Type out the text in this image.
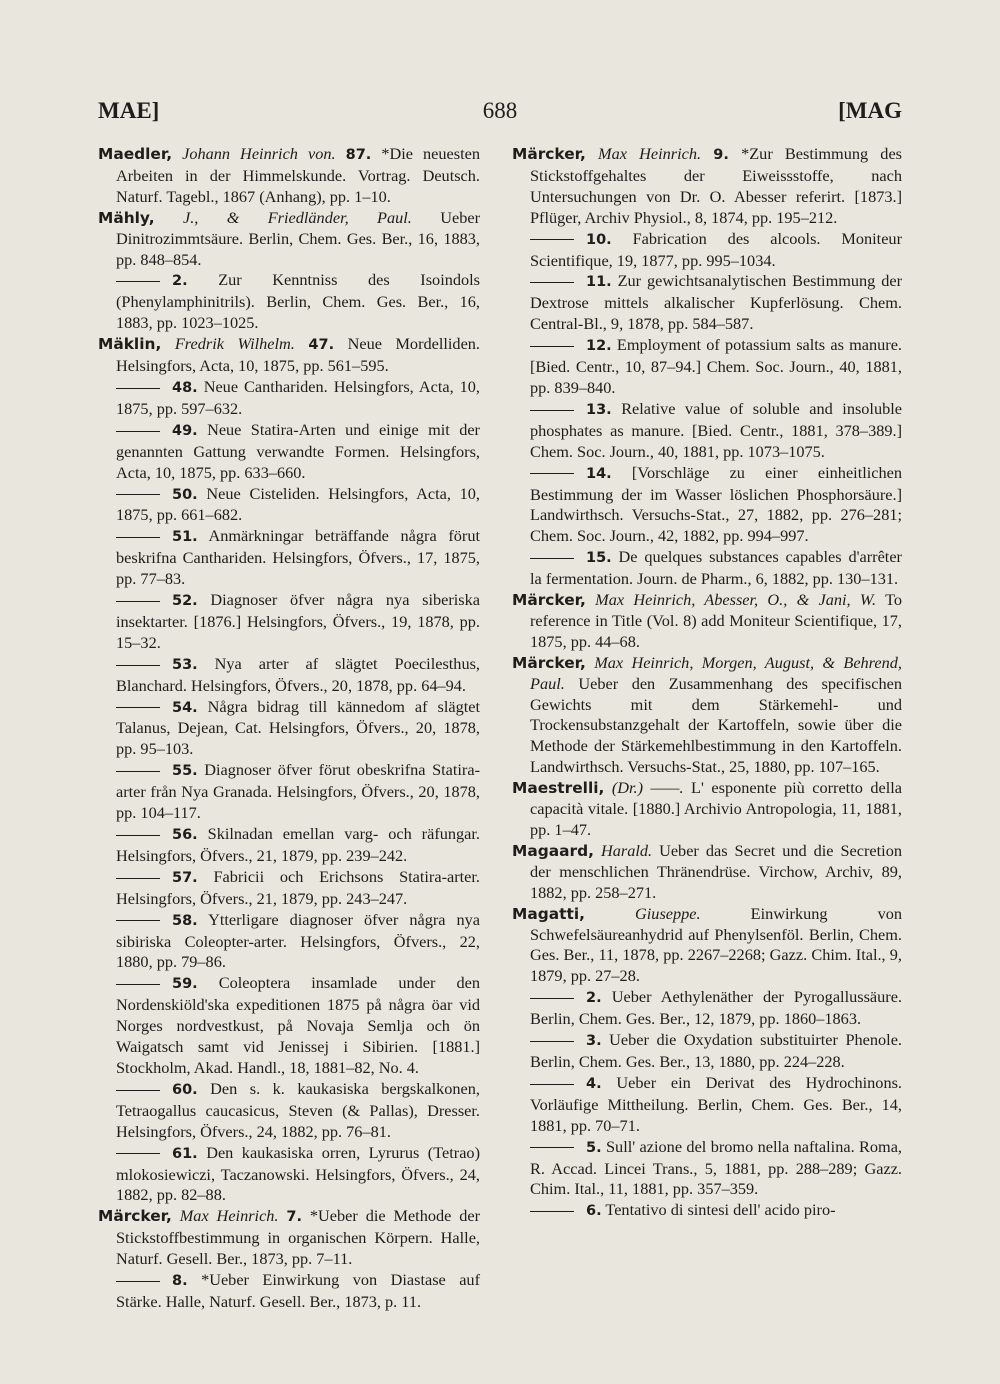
MAE]	688	[MAG

Maedler, Johann Heinrich von. 87. *Die neuesten Arbeiten in der Himmelskunde. Vortrag. Deutsch. Naturf. Tagebl., 1867 (Anhang), pp. 1–10.

Mähly, J., & Friedländer, Paul. Ueber Dinitrozimmtsäure. Berlin, Chem. Ges. Ber., 16, 1883, pp. 848–854.

2. Zur Kenntniss des Isoindols (Phenylamphinitrils). Berlin, Chem. Ges. Ber., 16, 1883, pp. 1023–1025.

Mäklin, Fredrik Wilhelm. 47. Neue Mordelliden. Helsingfors, Acta, 10, 1875, pp. 561–595.

48. Neue Canthariden. Helsingfors, Acta, 10, 1875, pp. 597–632.

49. Neue Statira-Arten und einige mit der genannten Gattung verwandte Formen. Helsingfors, Acta, 10, 1875, pp. 633–660.

50. Neue Cisteliden. Helsingfors, Acta, 10, 1875, pp. 661–682.

51. Anmärkningar beträffande några förut beskrifna Canthariden. Helsingfors, Öfvers., 17, 1875, pp. 77–83.

52. Diagnoser öfver några nya siberiska insektarter. [1876.] Helsingfors, Öfvers., 19, 1878, pp. 15–32.

53. Nya arter af slägtet Poecilesthus, Blanchard. Helsingfors, Öfvers., 20, 1878, pp. 64–94.

54. Några bidrag till kännedom af slägtet Talanus, Dejean, Cat. Helsingfors, Öfvers., 20, 1878, pp. 95–103.

55. Diagnoser öfver förut obeskrifna Statira-arter från Nya Granada. Helsingfors, Öfvers., 20, 1878, pp. 104–117.

56. Skilnadan emellan varg- och räfungar. Helsingfors, Öfvers., 21, 1879, pp. 239–242.

57. Fabricii och Erichsons Statira-arter. Helsingfors, Öfvers., 21, 1879, pp. 243–247.

58. Ytterligare diagnoser öfver några nya sibiriska Coleopter-arter. Helsingfors, Öfvers., 22, 1880, pp. 79–86.

59. Coleoptera insamlade under den Nordenskiöld'ska expeditionen 1875 på några öar vid Norges nordvestkust, på Novaja Semlja och ön Waigatsch samt vid Jenissej i Sibirien. [1881.] Stockholm, Akad. Handl., 18, 1881–82, No. 4.

60. Den s. k. kaukasiska bergskalkonen, Tetraogallus caucasicus, Steven (& Pallas), Dresser. Helsingfors, Öfvers., 24, 1882, pp. 76–81.

61. Den kaukasiska orren, Lyrurus (Tetrao) mlokosiewiczi, Taczanowski. Helsingfors, Öfvers., 24, 1882, pp. 82–88.

Märcker, Max Heinrich. 7. *Ueber die Methode der Stickstoffbestimmung in organischen Körpern. Halle, Naturf. Gesell. Ber., 1873, pp. 7–11.

8. *Ueber Einwirkung von Diastase auf Stärke. Halle, Naturf. Gesell. Ber., 1873, p. 11.

Märcker, Max Heinrich. 9. *Zur Bestimmung des Stickstoffgehaltes der Eiweissstoffe, nach Untersuchungen von Dr. O. Abesser referirt. [1873.] Pflüger, Archiv Physiol., 8, 1874, pp. 195–212.

10. Fabrication des alcools. Moniteur Scientifique, 19, 1877, pp. 995–1034.

11. Zur gewichtsanalytischen Bestimmung der Dextrose mittels alkalischer Kupferlösung. Chem. Central-Bl., 9, 1878, pp. 584–587.

12. Employment of potassium salts as manure. [Bied. Centr., 10, 87–94.] Chem. Soc. Journ., 40, 1881, pp. 839–840.

13. Relative value of soluble and insoluble phosphates as manure. [Bied. Centr., 1881, 378–389.] Chem. Soc. Journ., 40, 1881, pp. 1073–1075.

14. [Vorschläge zu einer einheitlichen Bestimmung der im Wasser löslichen Phosphorsäure.] Landwirthsch. Versuchs-Stat., 27, 1882, pp. 276–281; Chem. Soc. Journ., 42, 1882, pp. 994–997.

15. De quelques substances capables d'arrêter la fermentation. Journ. de Pharm., 6, 1882, pp. 130–131.

Märcker, Max Heinrich, Abesser, O., & Jani, W. To reference in Title (Vol. 8) add Moniteur Scientifique, 17, 1875, pp. 44–68.

Märcker, Max Heinrich, Morgen, August, & Behrend, Paul. Ueber den Zusammenhang des specifischen Gewichts mit dem Stärkemehl- und Trockensubstanzgehalt der Kartoffeln, sowie über die Methode der Stärkemehlbestimmung in den Kartoffeln. Landwirthsch. Versuchs-Stat., 25, 1880, pp. 107–165.

Maestrelli, (Dr.) ——. L' esponente più corretto della capacità vitale. [1880.] Archivio Antropologia, 11, 1881, pp. 1–47.

Magaard, Harald. Ueber das Secret und die Secretion der menschlichen Thränendrüse. Virchow, Archiv, 89, 1882, pp. 258–271.

Magatti,	Giuseppe.	Einwirkung von Schwefelsäureanhydrid auf Phenylsenföl. Berlin, Chem. Ges. Ber., 11, 1878, pp. 2267–2268; Gazz. Chim. Ital., 9, 1879, pp. 27–28.

2. Ueber Aethylenäther der Pyrogallussäure. Berlin, Chem. Ges. Ber., 12, 1879, pp. 1860–1863.

3. Ueber die Oxydation substituirter Phenole. Berlin, Chem. Ges. Ber., 13, 1880, pp. 224–228.

4. Ueber ein Derivat des Hydrochinons. Vorläufige Mittheilung. Berlin, Chem. Ges. Ber., 14, 1881, pp. 70–71.

5. Sull' azione del bromo nella naftalina. Roma, R. Accad. Lincei Trans., 5, 1881, pp. 288–289; Gazz. Chim. Ital., 11, 1881, pp. 357–359.

6. Tentativo di sintesi dell' acido piro-
